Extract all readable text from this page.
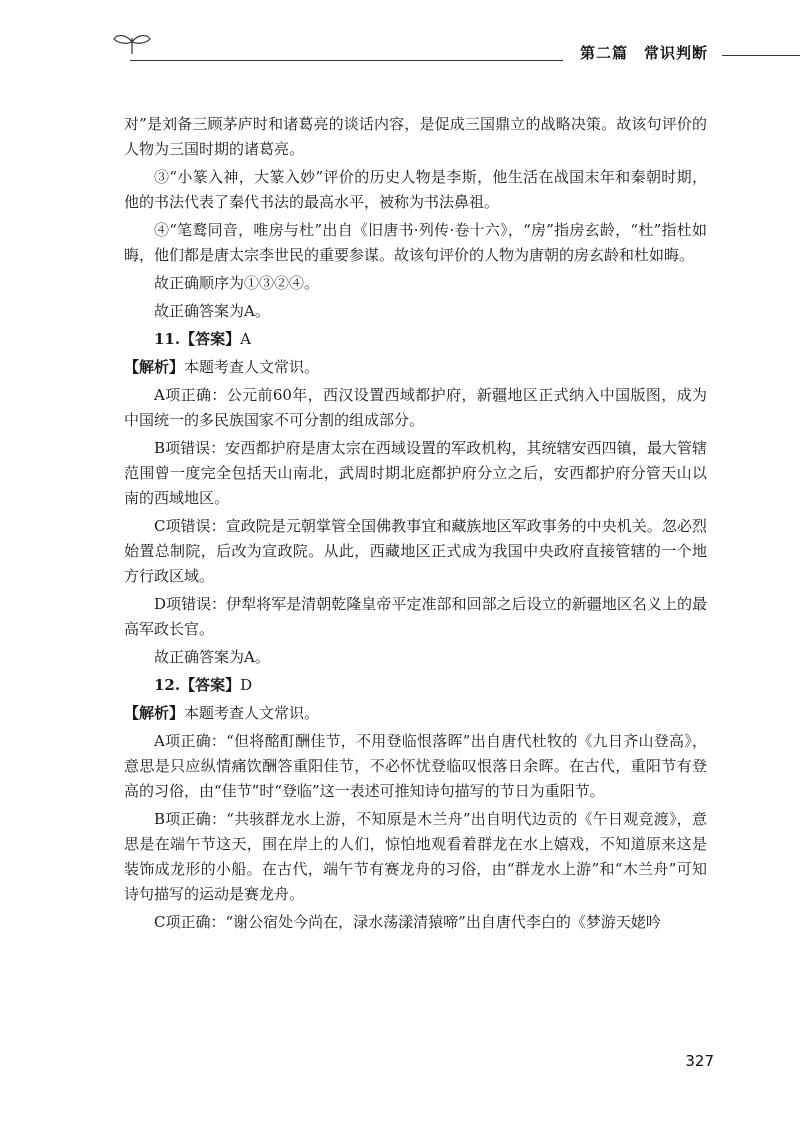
第二篇　常识判断

对”是刘备三顾茅庐时和诸葛亮的谈话内容，是促成三国鼎立的战略决策。故该句评价的人物为三国时期的诸葛亮。

③“小篆入神，大篆入妙”评价的历史人物是李斯，他生活在战国末年和秦朝时期，他的书法代表了秦代书法的最高水平，被称为书法鼻祖。

④“笔鹜同音，唯房与杜”出自《旧唐书·列传·卷十六》，“房”指房玄龄，“杜”指杜如晦，他们都是唐太宗李世民的重要参谋。故该句评价的人物为唐朝的房玄龄和杜如晦。

故正确顺序为①③②④。

故正确答案为A。

11.【答案】A

【解析】本题考查人文常识。

A项正确：公元前60年，西汉设置西域都护府，新疆地区正式纳入中国版图，成为中国统一的多民族国家不可分割的组成部分。

B项错误：安西都护府是唐太宗在西域设置的军政机构，其统辖安西四镇，最大管辖范围曾一度完全包括天山南北，武周时期北庭都护府分立之后，安西都护府分管天山以南的西域地区。

C项错误：宣政院是元朝掌管全国佛教事宜和藏族地区军政事务的中央机关。忽必烈始置总制院，后改为宣政院。从此，西藏地区正式成为我国中央政府直接管辖的一个地方行政区域。

D项错误：伊犁将军是清朝乾隆皇帝平定准部和回部之后设立的新疆地区名义上的最高军政长官。

故正确答案为A。

12.【答案】D

【解析】本题考查人文常识。

A项正确：“但将酩酊酬佳节，不用登临恨落晖”出自唐代杜牧的《九日齐山登高》，意思是只应纵情痛饮酬答重阳佳节，不必怀忧登临叹恨落日余晖。在古代，重阳节有登高的习俗，由“佳节”时“登临”这一表述可推知诗句描写的节日为重阳节。

B项正确：“共骇群龙水上游，不知原是木兰舟”出自明代边贡的《午日观竞渡》，意思是在端午节这天，围在岸上的人们，惊怕地观看着群龙在水上嬉戏，不知道原来这是装饰成龙形的小船。在古代，端午节有赛龙舟的习俗，由“群龙水上游”和“木兰舟”可知诗句描写的运动是赛龙舟。

C项正确：“谢公宿处今尚在，渌水荡漾清猿啼”出自唐代李白的《梦游天姥吟

327
